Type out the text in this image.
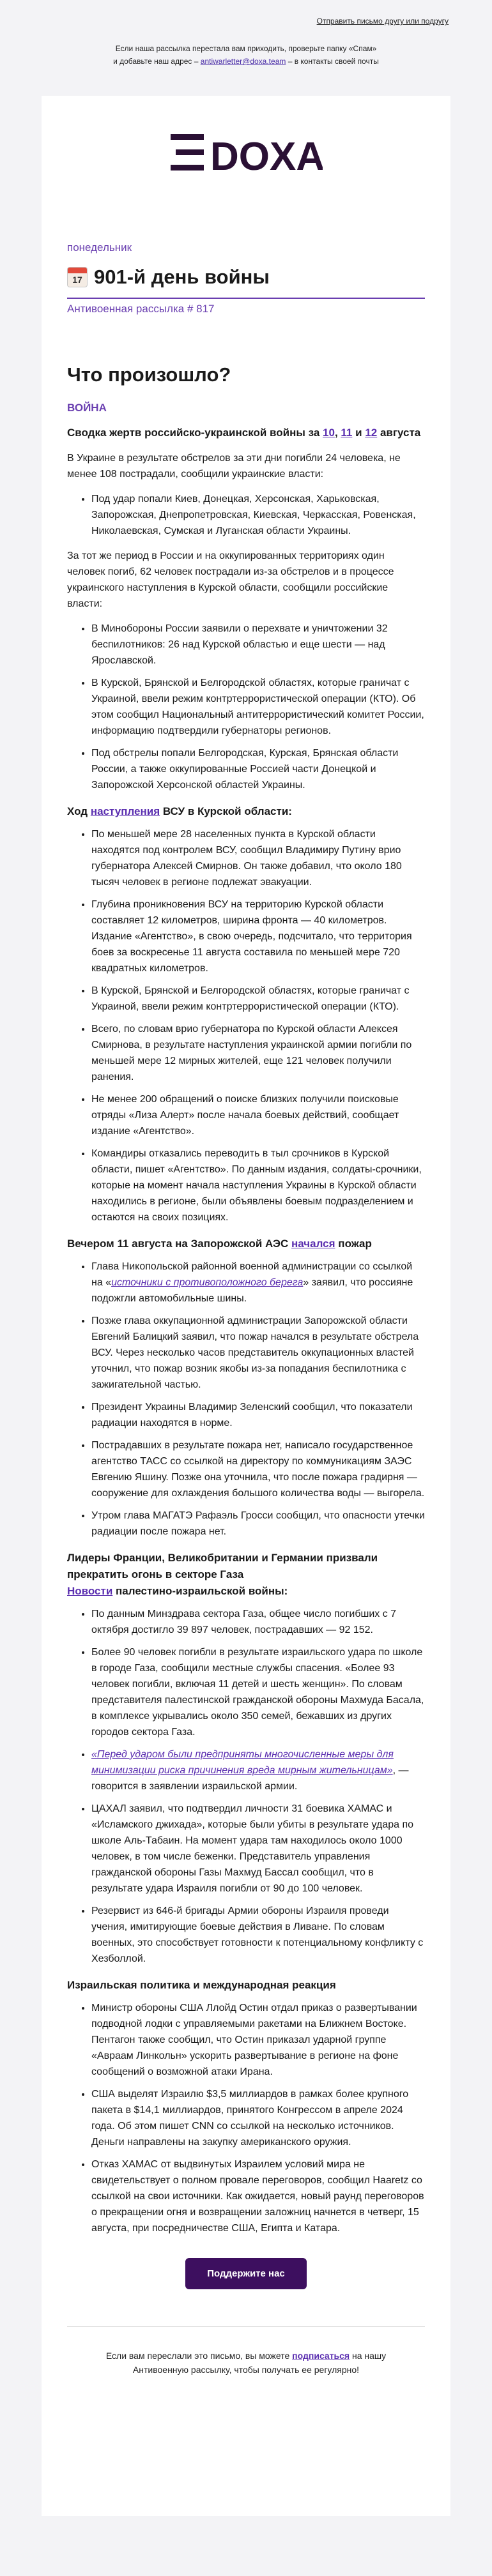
Отправить письмо другу или подругу
Если наша рассылка перестала вам приходить, проверьте папку «Спам»
и добавьте наш адрес – antiwarletter@doxa.team – в контакты своей почты
DOXA
понедельник
17 901-й день войны
Антивоенная рассылка # 817
Что произошло?
ВОЙНА
Сводка жертв российско-украинской войны за 10, 11 и 12 августа

В Украине в результате обстрелов за эти дни погибли 24 человека, не менее 108 пострадали, сообщили украинские власти:

• Под удар попали Киев, Донецкая, Херсонская, Харьковская, Запорожская, Днепропетровская, Киевская, Черкасская, Ровенская, Николаевская, Сумская и Луганская области Украины.

За тот же период в России и на оккупированных территориях один человек погиб, 62 человек пострадали из-за обстрелов и в процессе украинского наступления в Курской области, сообщили российские власти:

• В Минобороны России заявили о перехвате и уничтожении 32 беспилотников: 26 над Курской областью и еще шести — над Ярославской.
• В Курской, Брянской и Белгородской областях, которые граничат с Украиной, ввели режим контртеррористической операции (КТО). Об этом сообщил Национальный антитеррористический комитет России, информацию подтвердили губернаторы регионов.
• Под обстрелы попали Белгородская, Курская, Брянская области России, а также оккупированные Россией части Донецкой и Запорожской Херсонской областей Украины.
Ход наступления ВСУ в Курской области:
• По меньшей мере 28 населенных пункта в Курской области находятся под контролем ВСУ, сообщил Владимиру Путину врио губернатора Алексей Смирнов. Он также добавил, что около 180 тысяч человек в регионе подлежат эвакуации.
• Глубина проникновения ВСУ на территорию Курской области составляет 12 километров, ширина фронта — 40 километров. Издание «Агентство», в свою очередь, подсчитало, что территория боев за воскресенье 11 августа составила по меньшей мере 720 квадратных километров.
• В Курской, Брянской и Белгородской областях, которые граничат с Украиной, ввели режим контртеррористической операции (КТО).
• Всего, по словам врио губернатора по Курской области Алексея Смирнова, в результате наступления украинской армии погибли по меньшей мере 12 мирных жителей, еще 121 человек получили ранения.
• Не менее 200 обращений о поиске близких получили поисковые отряды «Лиза Алерт» после начала боевых действий, сообщает издание «Агентство».
• Командиры отказались переводить в тыл срочников в Курской области, пишет «Агентство». По данным издания, солдаты-срочники, которые на момент начала наступления Украины в Курской области находились в регионе, были объявлены боевым подразделением и остаются на своих позициях.
Вечером 11 августа на Запорожской АЭС начался пожар
• Глава Никопольской районной военной администрации со ссылкой на «источники с противоположного берега» заявил, что россияне подожгли автомобильные шины.
• Позже глава оккупационной администрации Запорожской области Евгений Балицкий заявил, что пожар начался в результате обстрела ВСУ. Через несколько часов представитель оккупационных властей уточнил, что пожар возник якобы из-за попадания беспилотника с зажигательной частью.
• Президент Украины Владимир Зеленский сообщил, что показатели радиации находятся в норме.
• Пострадавших в результате пожара нет, написало государственное агентство ТАСС со ссылкой на директору по коммуникациям ЗАЭС Евгению Яшину. Позже она уточнила, что после пожара градирня — сооружение для охлаждения большого количества воды — выгорела.
• Утром глава МАГАТЭ Рафаэль Гросси сообщил, что опасности утечки радиации после пожара нет.
Лидеры Франции, Великобритании и Германии призвали прекратить огонь в секторе Газа
Новости палестино-израильской войны:
• По данным Минздрава сектора Газа, общее число погибших с 7 октября достигло 39 897 человек, пострадавших — 92 152.
• Более 90 человек погибли в результате израильского удара по школе в городе Газа, сообщили местные службы спасения. «Более 93 человек погибли, включая 11 детей и шесть женщин». По словам представителя палестинской гражданской обороны Махмуда Басала, в комплексе укрывались около 350 семей, бежавших из других городов сектора Газа.
• «Перед ударом были предприняты многочисленные меры для минимизации риска причинения вреда мирным жительницам», — говорится в заявлении израильской армии.
• ЦАХАЛ заявил, что подтвердил личности 31 боевика ХАМАС и «Исламского джихада», которые были убиты в результате удара по школе Аль-Табаин. На момент удара там находилось около 1000 человек, в том числе беженки. Представитель управления гражданской обороны Газы Махмуд Бассал сообщил, что в результате удара Израиля погибли от 90 до 100 человек.
• Резервист из 646-й бригады Армии обороны Израиля проведи учения, имитирующие боевые действия в Ливане. По словам военных, это способствует готовности к потенциальному конфликту с Хезболлой.
Израильская политика и международная реакция
• Министр обороны США Ллойд Остин отдал приказ о развертывании подводной лодки с управляемыми ракетами на Ближнем Востоке. Пентагон также сообщил, что Остин приказал ударной группе «Авраам Линкольн» ускорить развертывание в регионе на фоне сообщений о возможной атаки Ирана.
• США выделят Израилю $3,5 миллиардов в рамках более крупного пакета в $14,1 миллиардов, принятого Конгрессом в апреле 2024 года. Об этом пишет CNN со ссылкой на несколько источников. Деньги направлены на закупку американского оружия.
• Отказ ХАМАС от выдвинутых Израилем условий мира не свидетельствует о полном провале переговоров, сообщил Haaretz со ссылкой на свои источники. Как ожидается, новый раунд переговоров о прекращении огня и возвращении заложниц начнется в четверг, 15 августа, при посредничестве США, Египта и Катара.
Поддержите нас
Если вам переслали это письмо, вы можете подписаться на нашу Антивоенную рассылку, чтобы получать ее регулярно!
